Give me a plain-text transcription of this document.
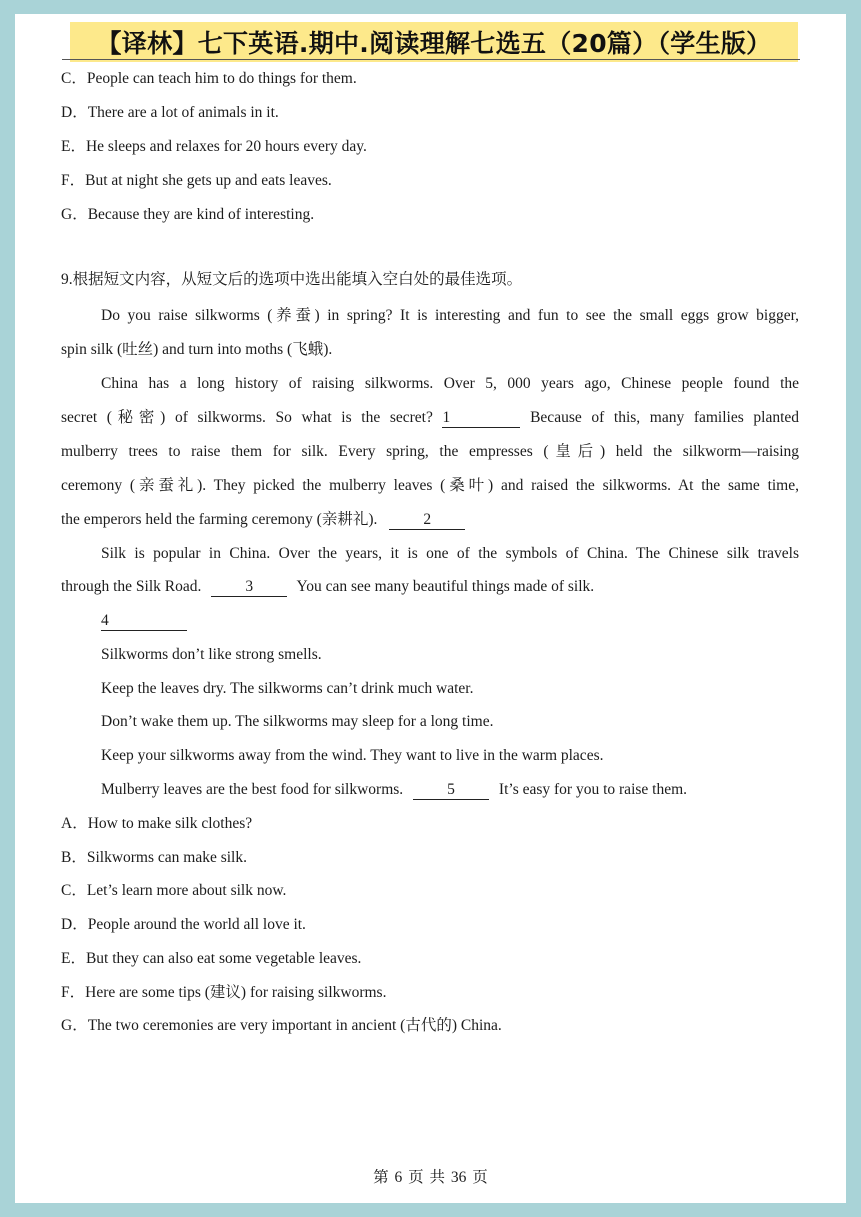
【译林】七下英语.期中.阅读理解七选五（20篇）（学生版）
C．People can teach him to do things for them.
D．There are a lot of animals in it.
E．He sleeps and relaxes for 20 hours every day.
F．But at night she gets up and eats leaves.
G．Because they are kind of interesting.
9.根据短文内容，从短文后的选项中选出能填入空白处的最佳选项。
Do you raise silkworms (养蚕) in spring? It is interesting and fun to see the small eggs grow bigger,
spin silk (吐丝) and turn into moths (飞蛾).
China has a long history of raising silkworms. Over 5, 000 years ago, Chinese people found the
secret (秘密) of silkworms. So what is the secret? 1	Because of this, many families planted
mulberry trees to raise them for silk. Every spring, the empresses (皇后) held the silkworm—raising
ceremony (亲蚕礼). They picked the mulberry leaves (桑叶) and raised the silkworms. At the same time,
the emperors held the farming ceremony (亲耕礼).	2
Silk is popular in China. Over the years, it is one of the symbols of China. The Chinese silk travels
through the Silk Road.	3	You can see many beautiful things made of silk.
4
Silkworms don’t like strong smells.
Keep the leaves dry. The silkworms can’t drink much water.
Don’t wake them up. The silkworms may sleep for a long time.
Keep your silkworms away from the wind. They want to live in the warm places.
Mulberry leaves are the best food for silkworms.	5	It’s easy for you to raise them.
A．How to make silk clothes?
B．Silkworms can make silk.
C．Let’s learn more about silk now.
D．People around the world all love it.
E．But they can also eat some vegetable leaves.
F．Here are some tips (建议) for raising silkworms.
G．The two ceremonies are very important in ancient (古代的) China.
第 6 页 共 36 页
